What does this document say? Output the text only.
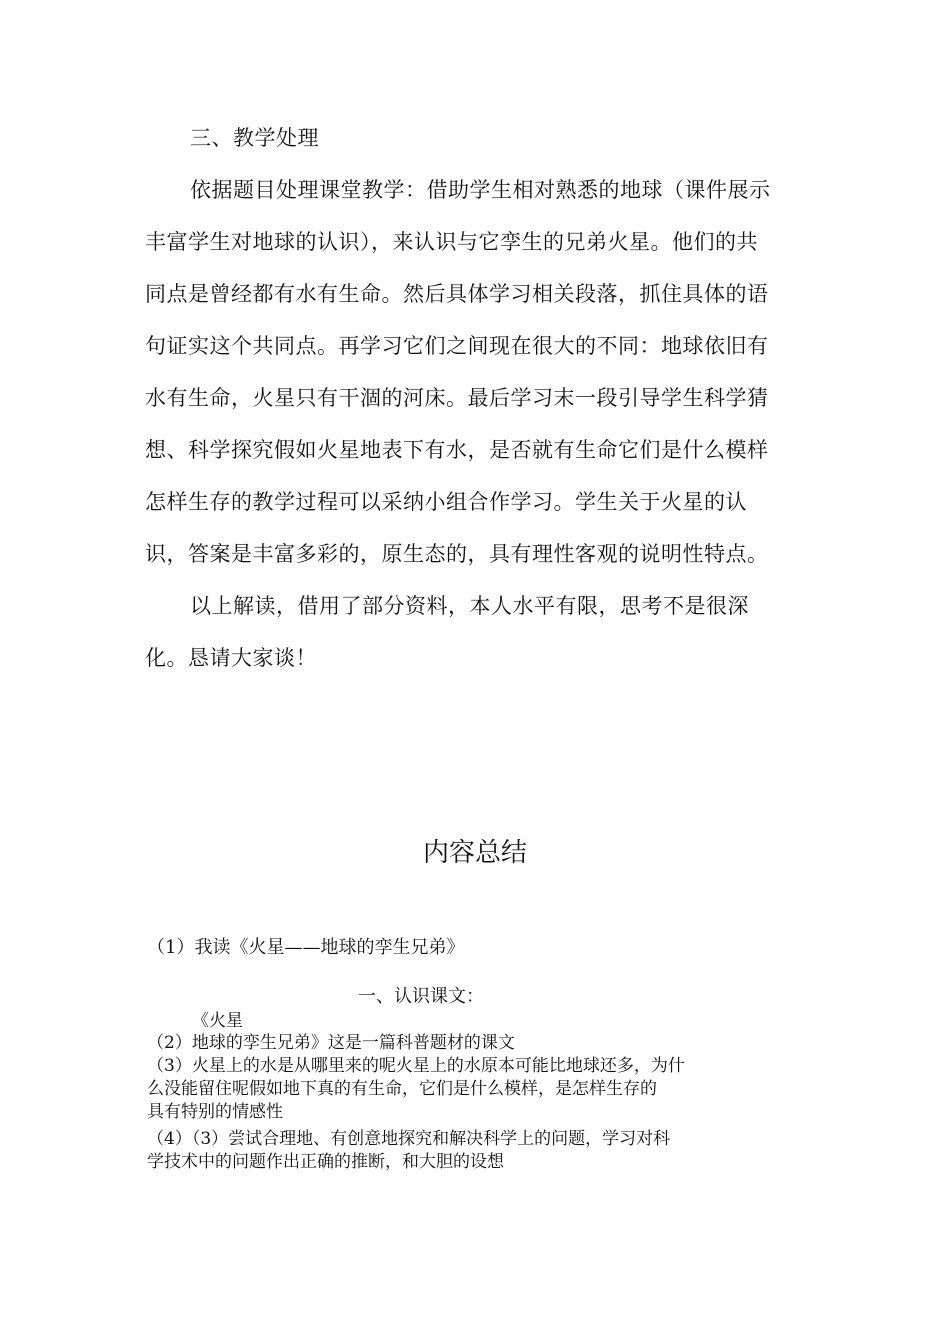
三、教学处理
依据题目处理课堂教学：借助学生相对熟悉的地球（课件展示
丰富学生对地球的认识），来认识与它孪生的兄弟火星。他们的共
同点是曾经都有水有生命。然后具体学习相关段落，抓住具体的语
句证实这个共同点。再学习它们之间现在很大的不同：地球依旧有
水有生命，火星只有干涸的河床。最后学习末一段引导学生科学猜
想、科学探究假如火星地表下有水，是否就有生命它们是什么模样
怎样生存的教学过程可以采纳小组合作学习。学生关于火星的认
识，答案是丰富多彩的，原生态的，具有理性客观的说明性特点。
以上解读，借用了部分资料，本人水平有限，思考不是很深
化。恳请大家谈！
内容总结
（1）我读《火星——地球的孪生兄弟》
一、认识课文：
《火星
（2）地球的孪生兄弟》这是一篇科普题材的课文
（3）火星上的水是从哪里来的呢火星上的水原本可能比地球还多，为什
么没能留住呢假如地下真的有生命，它们是什么模样，是怎样生存的
具有特别的情感性
（4）（3）尝试合理地、有创意地探究和解决科学上的问题，学习对科
学技术中的问题作出正确的推断，和大胆的设想
